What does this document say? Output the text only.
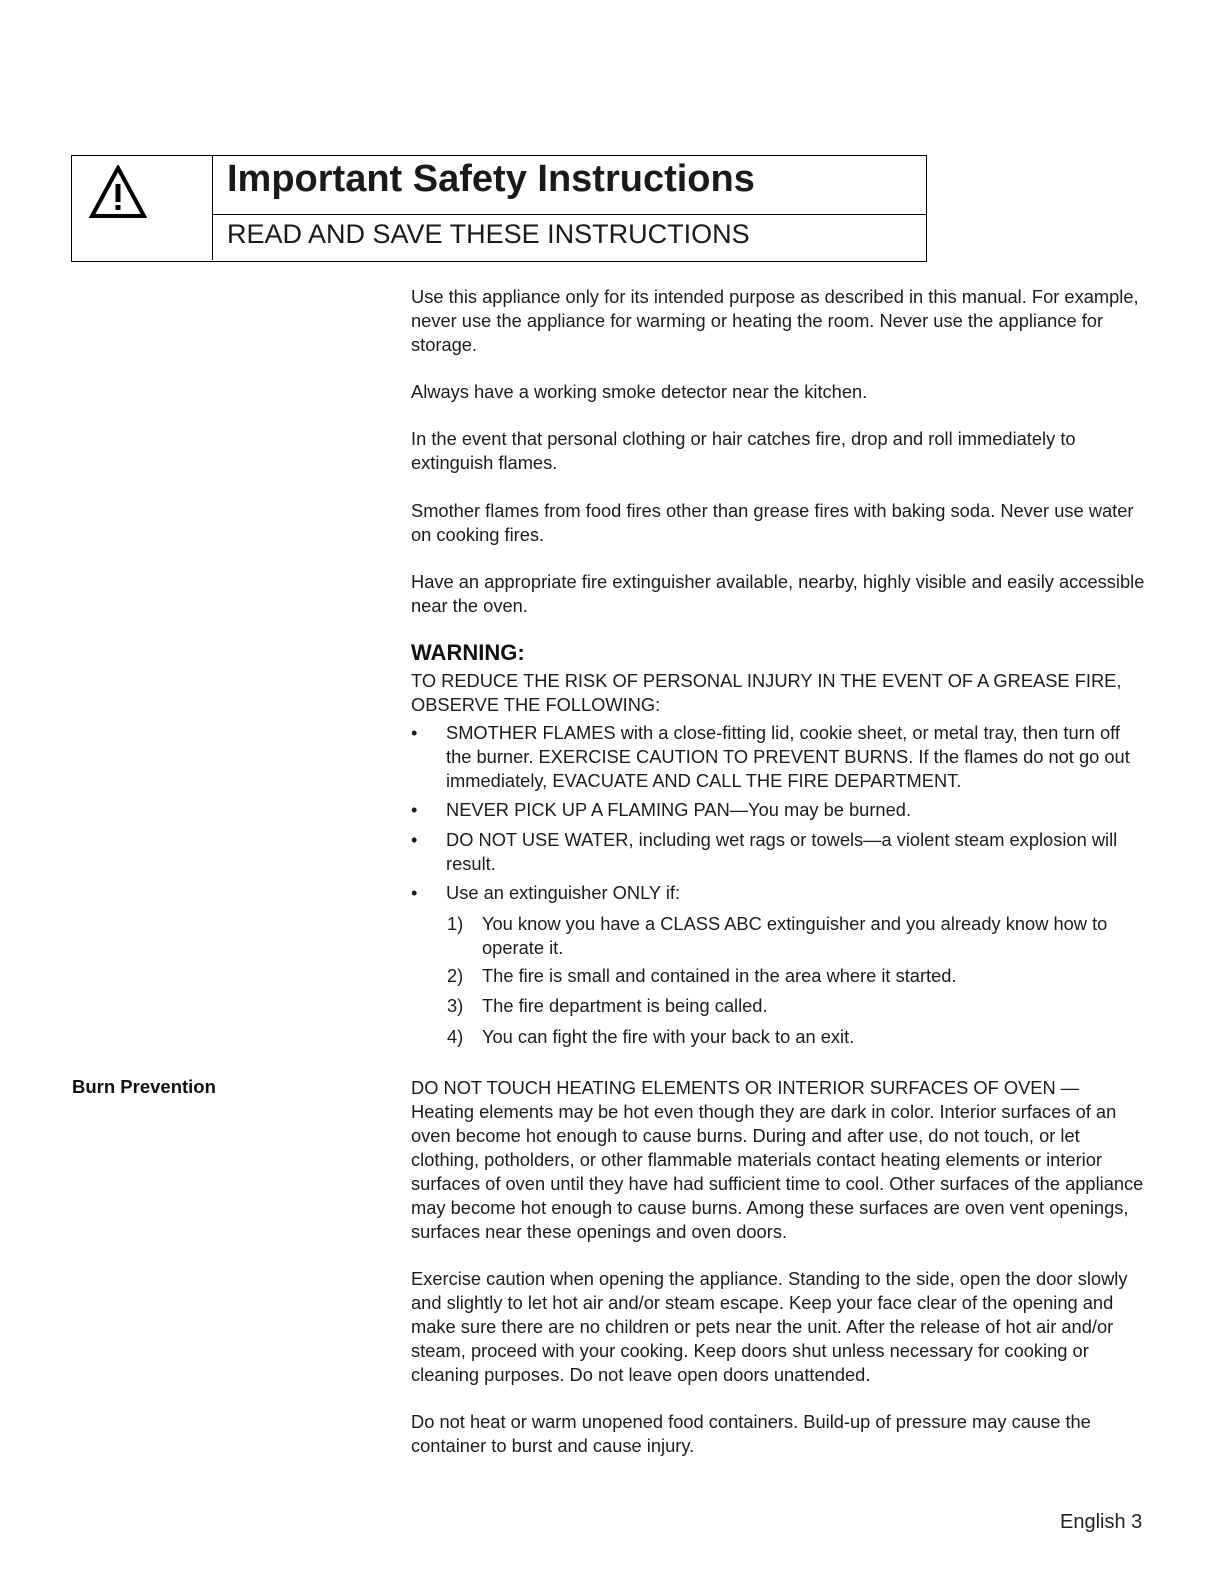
Important Safety Instructions
READ AND SAVE THESE INSTRUCTIONS

Use this appliance only for its intended purpose as described in this manual. For example, never use the appliance for warming or heating the room. Never use the appliance for storage.

Always have a working smoke detector near the kitchen.

In the event that personal clothing or hair catches fire, drop and roll immediately to extinguish flames.

Smother flames from food fires other than grease fires with baking soda. Never use water on cooking fires.

Have an appropriate fire extinguisher available, nearby, highly visible and easily accessible near the oven.

WARNING:

TO REDUCE THE RISK OF PERSONAL INJURY IN THE EVENT OF A GREASE FIRE, OBSERVE THE FOLLOWING:

• SMOTHER FLAMES with a close-fitting lid, cookie sheet, or metal tray, then turn off the burner. EXERCISE CAUTION TO PREVENT BURNS. If the flames do not go out immediately, EVACUATE AND CALL THE FIRE DEPARTMENT.
• NEVER PICK UP A FLAMING PAN—You may be burned.
• DO NOT USE WATER, including wet rags or towels—a violent steam explosion will result.
• Use an extinguisher ONLY if:
1) You know you have a CLASS ABC extinguisher and you already know how to operate it.
2) The fire is small and contained in the area where it started.
3) The fire department is being called.
4) You can fight the fire with your back to an exit.
Burn Prevention	DO NOT TOUCH HEATING ELEMENTS OR INTERIOR SURFACES OF OVEN — Heating elements may be hot even though they are dark in color. Interior surfaces of an oven become hot enough to cause burns. During and after use, do not touch, or let clothing, potholders, or other flammable materials contact heating elements or interior surfaces of oven until they have had sufficient time to cool. Other surfaces of the appliance may become hot enough to cause burns. Among these surfaces are oven vent openings, surfaces near these openings and oven doors.

Exercise caution when opening the appliance. Standing to the side, open the door slowly and slightly to let hot air and/or steam escape. Keep your face clear of the opening and make sure there are no children or pets near the unit. After the release of hot air and/or steam, proceed with your cooking. Keep doors shut unless necessary for cooking or cleaning purposes. Do not leave open doors unattended.

Do not heat or warm unopened food containers. Build-up of pressure may cause the container to burst and cause injury.

English 3
